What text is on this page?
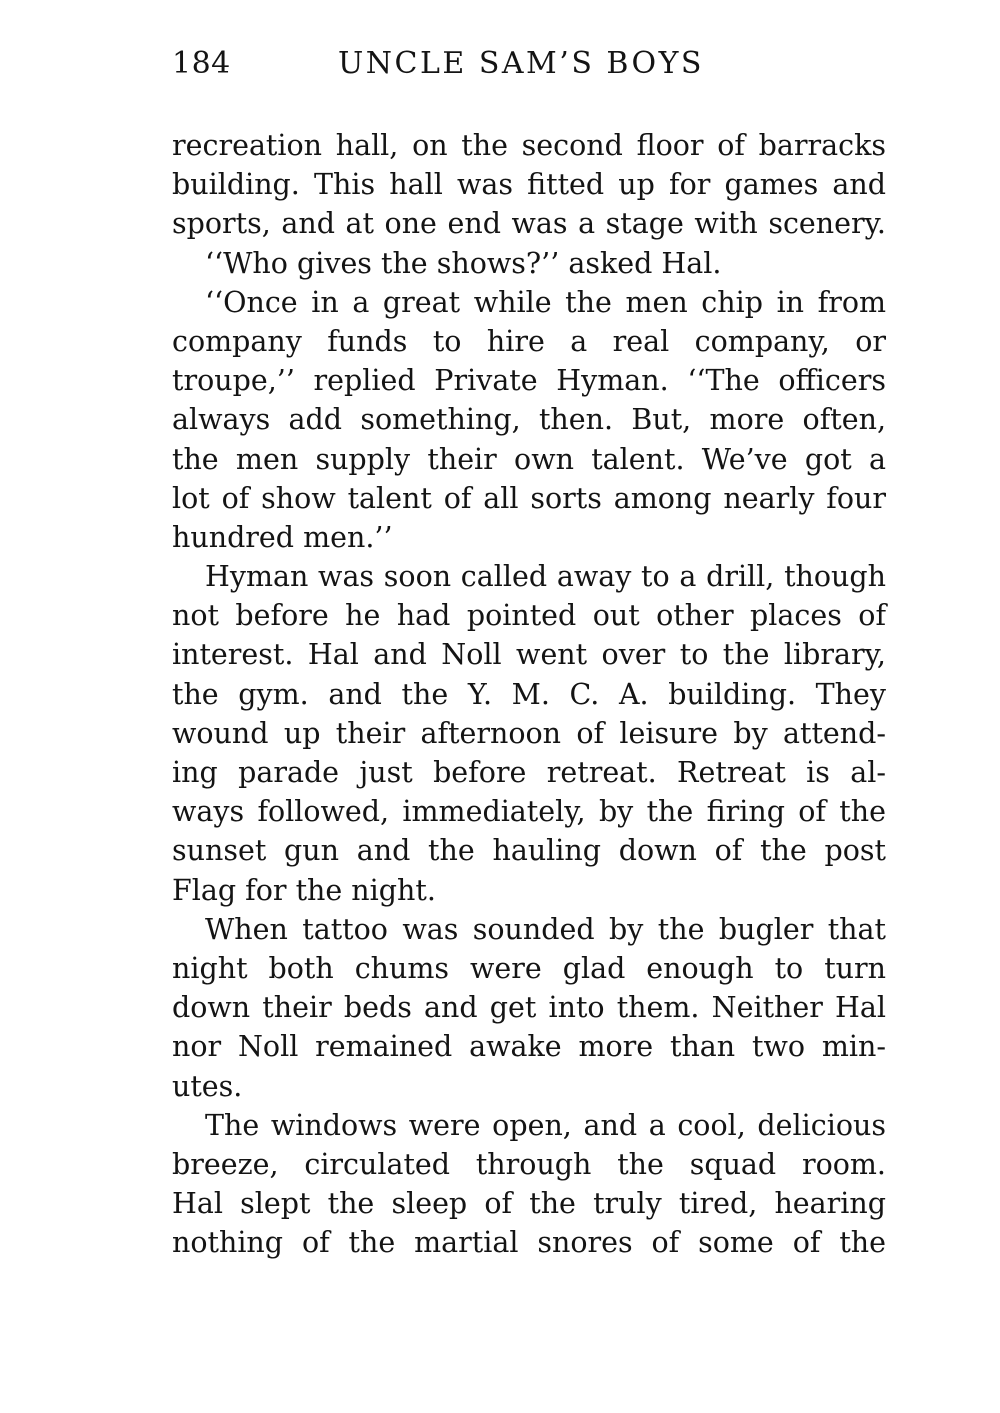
184	UNCLE SAM’S BOYS
recreation hall, on the second floor of barracks
building. This hall was fitted up for games and
sports, and at one end was a stage with scenery.
‘‘Who gives the shows?’’ asked Hal.
‘‘Once in a great while the men chip in from
company funds to hire a real company, or
troupe,’’ replied Private Hyman. ‘‘The officers
always add something, then. But, more often,
the men supply their own talent. We’ve got a
lot of show talent of all sorts among nearly four
hundred men.’’
Hyman was soon called away to a drill, though
not before he had pointed out other places of
interest. Hal and Noll went over to the library,
the gym. and the Y. M. C. A. building. They
wound up their afternoon of leisure by attend-
ing parade just before retreat. Retreat is al-
ways followed, immediately, by the firing of the
sunset gun and the hauling down of the post
Flag for the night.
When tattoo was sounded by the bugler that
night both chums were glad enough to turn
down their beds and get into them. Neither Hal
nor Noll remained awake more than two min-
utes.
The windows were open, and a cool, delicious
breeze, circulated through the squad room.
Hal slept the sleep of the truly tired, hearing
nothing of the martial snores of some of the
